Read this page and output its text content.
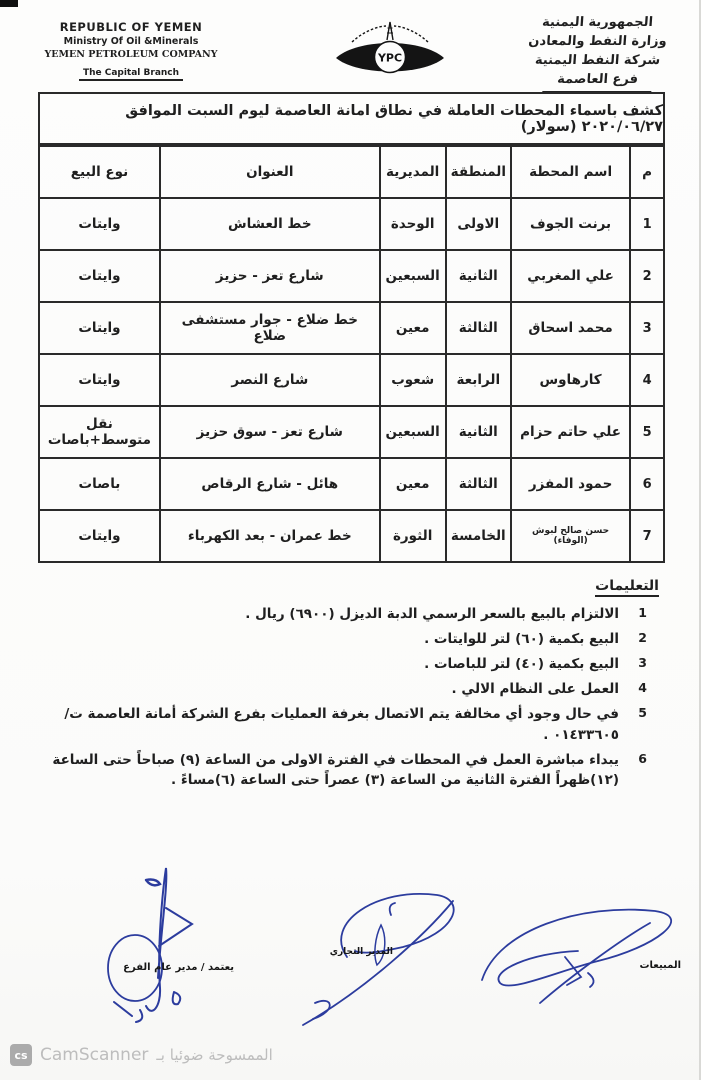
REPUBLIC OF YEMEN
Ministry Of Oil &Minerals
YEMEN PETROLEUM COMPANY
The Capital Branch
YPC
الجمهورية اليمنية
وزارة النفط والمعادن
شركة النفط اليمنية
فرع العاصمة
كشف باسماء المحطات العاملة في نطاق امانة العاصمة ليوم السبت الموافق ٢٠٢٠/٠٦/٢٧ (سولار)
م	اسم المحطة	المنطقة	المديرية	العنوان	نوع البيع
1	برنت الجوف	الاولى	الوحدة	خط العشاش	وايتات
2	علي المغربي	الثانية	السبعين	شارع تعز - حزيز	وايتات
3	محمد اسحاق	الثالثة	معين	خط ضلاع - جوار مستشفى ضلاع	وايتات
4	كارهاوس	الرابعة	شعوب	شارع النصر	وايتات
5	علي حاتم حزام	الثانية	السبعين	شارع تعز - سوق حزيز	نقل متوسط+باصات
6	حمود المفزر	الثالثة	معين	هائل - شارع الرقاص	باصات
7	حسن صالح لبوش (الوفاء)	الخامسة	الثورة	خط عمران - بعد الكهرباء	وايتات
التعليمات
1
الالتزام بالبيع بالسعر الرسمي الدبة الديزل (٦٩٠٠) ريال .
2
البيع بكمية (٦٠) لتر للوايتات .
3
البيع بكمية (٤٠) لتر للباصات .
4
العمل على النظام الالي .
5
في حال وجود أي مخالفة يتم الاتصال بغرفة العمليات بفرع الشركة أمانة العاصمة ت/٠١٤٣٣٦٠٥ .
6
يبداء مباشرة العمل في المحطات في الفترة الاولى من الساعة (٩) صباحاً حتى الساعة (١٢)ظهراً الفترة الثانية من الساعة (٣) عصراً حتى الساعة (٦)مساءً .
يعتمد / مدير عام الفرع
المدير التجاري
المبيعات
cs CamScanner الممسوحة ضوئيا بـ
